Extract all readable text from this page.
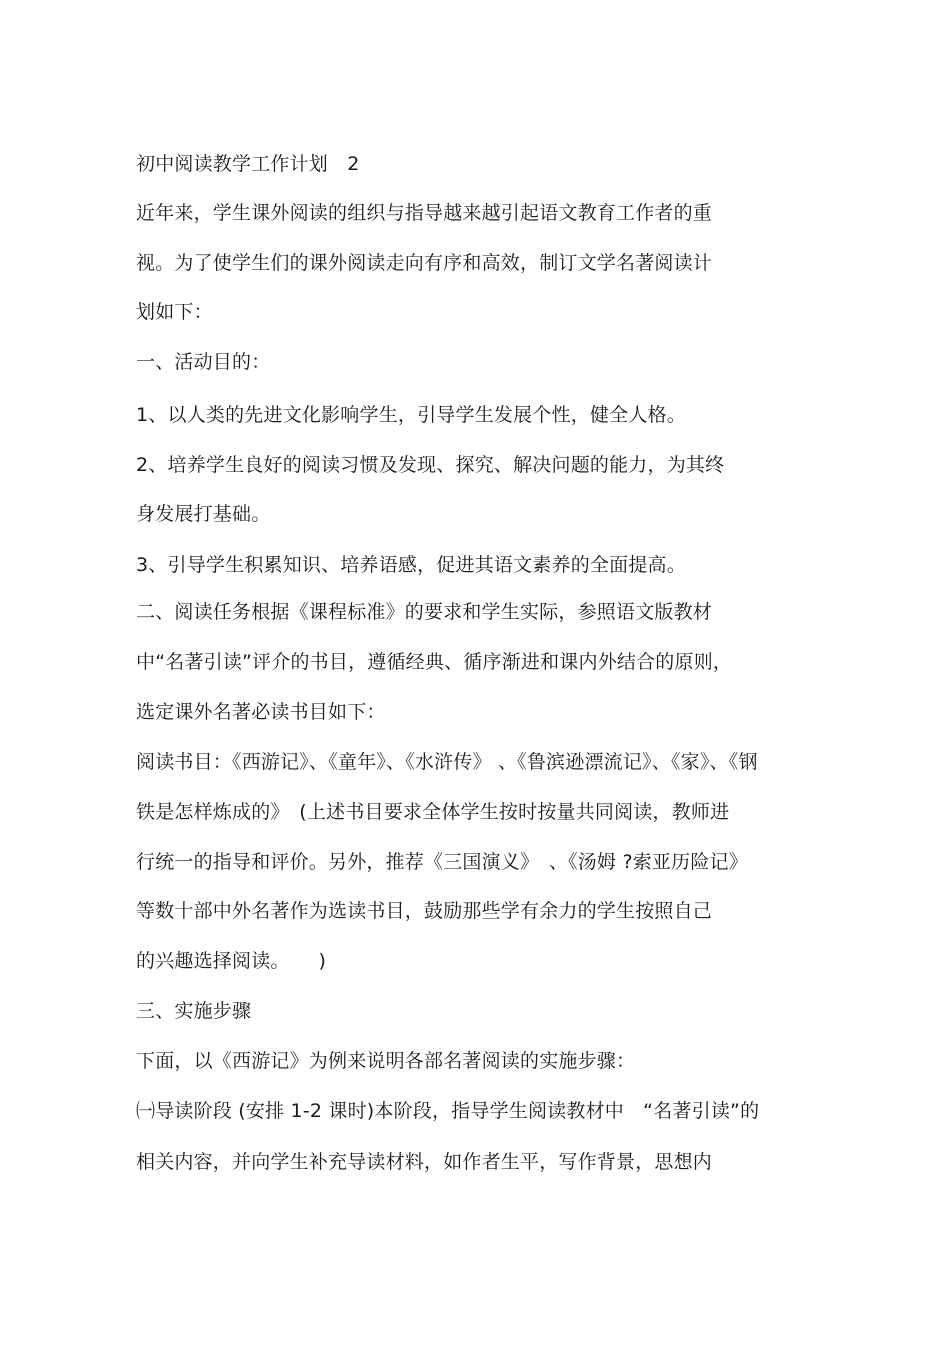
初中阅读教学工作计划　2
近年来，学生课外阅读的组织与指导越来越引起语文教育工作者的重
视。为了使学生们的课外阅读走向有序和高效，制订文学名著阅读计
划如下：
一、活动目的：
1、以人类的先进文化影响学生，引导学生发展个性，健全人格。
2、培养学生良好的阅读习惯及发现、探究、解决问题的能力，为其终
身发展打基础。
3、引导学生积累知识、培养语感，促进其语文素养的全面提高。
二、阅读任务根据《课程标准》的要求和学生实际，参照语文版教材
中“名著引读”评介的书目，遵循经典、循序渐进和课内外结合的原则，
选定课外名著必读书目如下：
阅读书目：《西游记》、《童年》、《水浒传》 、《鲁滨逊漂流记》、《家》、《钢
铁是怎样炼成的》　(上述书目要求全体学生按时按量共同阅读，教师进
行统一的指导和评价。另外，推荐《三国演义》　、《汤姆 ?索亚历险记》
等数十部中外名著作为选读书目，鼓励那些学有余力的学生按照自己
的兴趣选择阅读。　　)
三、实施步骤
下面，以《西游记》为例来说明各部名著阅读的实施步骤：
㈠导读阶段 (安排 1-2 课时)本阶段，指导学生阅读教材中　“名著引读”的
相关内容，并向学生补充导读材料，如作者生平，写作背景，思想内
